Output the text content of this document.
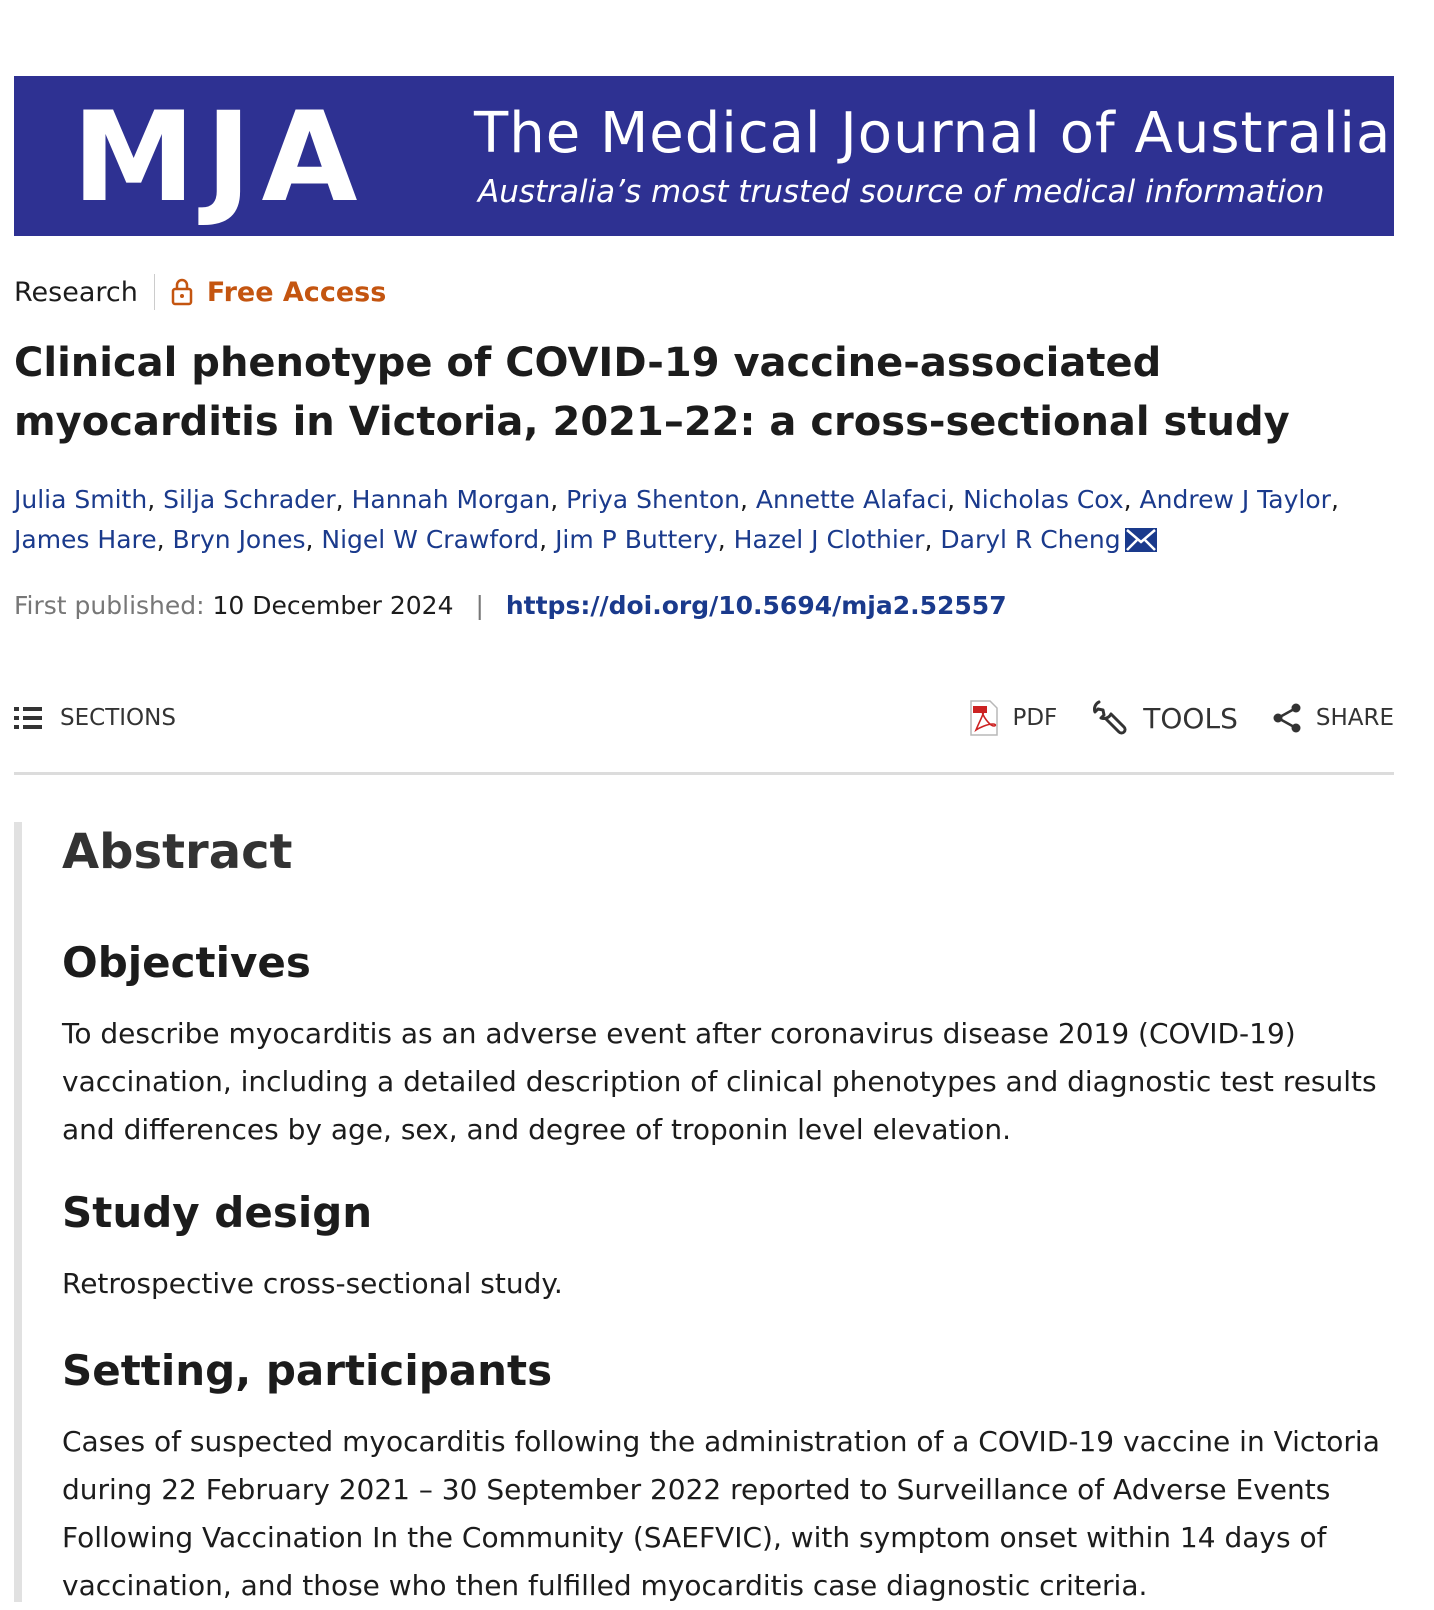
MJA The Medical Journal of Australia
Australia’s most trusted source of medical information
Research	Free Access
Clinical phenotype of COVID-19 vaccine-associated myocarditis in Victoria, 2021–22: a cross-sectional study
Julia Smith, Silja Schrader, Hannah Morgan, Priya Shenton, Annette Alafaci, Nicholas Cox, Andrew J Taylor, James Hare, Bryn Jones, Nigel W Crawford, Jim P Buttery, Hazel J Clothier, Daryl R Cheng
First published: 10 December 2024 | https://doi.org/10.5694/mja2.52557
SECTIONS	PDF	TOOLS	SHARE
Abstract
Objectives

To describe myocarditis as an adverse event after coronavirus disease 2019 (COVID-19) vaccination, including a detailed description of clinical phenotypes and diagnostic test results and differences by age, sex, and degree of troponin level elevation.

Study design

Retrospective cross-sectional study.

Setting, participants

Cases of suspected myocarditis following the administration of a COVID-19 vaccine in Victoria during 22 February 2021 – 30 September 2022 reported to Surveillance of Adverse Events Following Vaccination In the Community (SAEFVIC), with symptom onset within 14 days of vaccination, and those who then fulfilled myocarditis case diagnostic criteria.
